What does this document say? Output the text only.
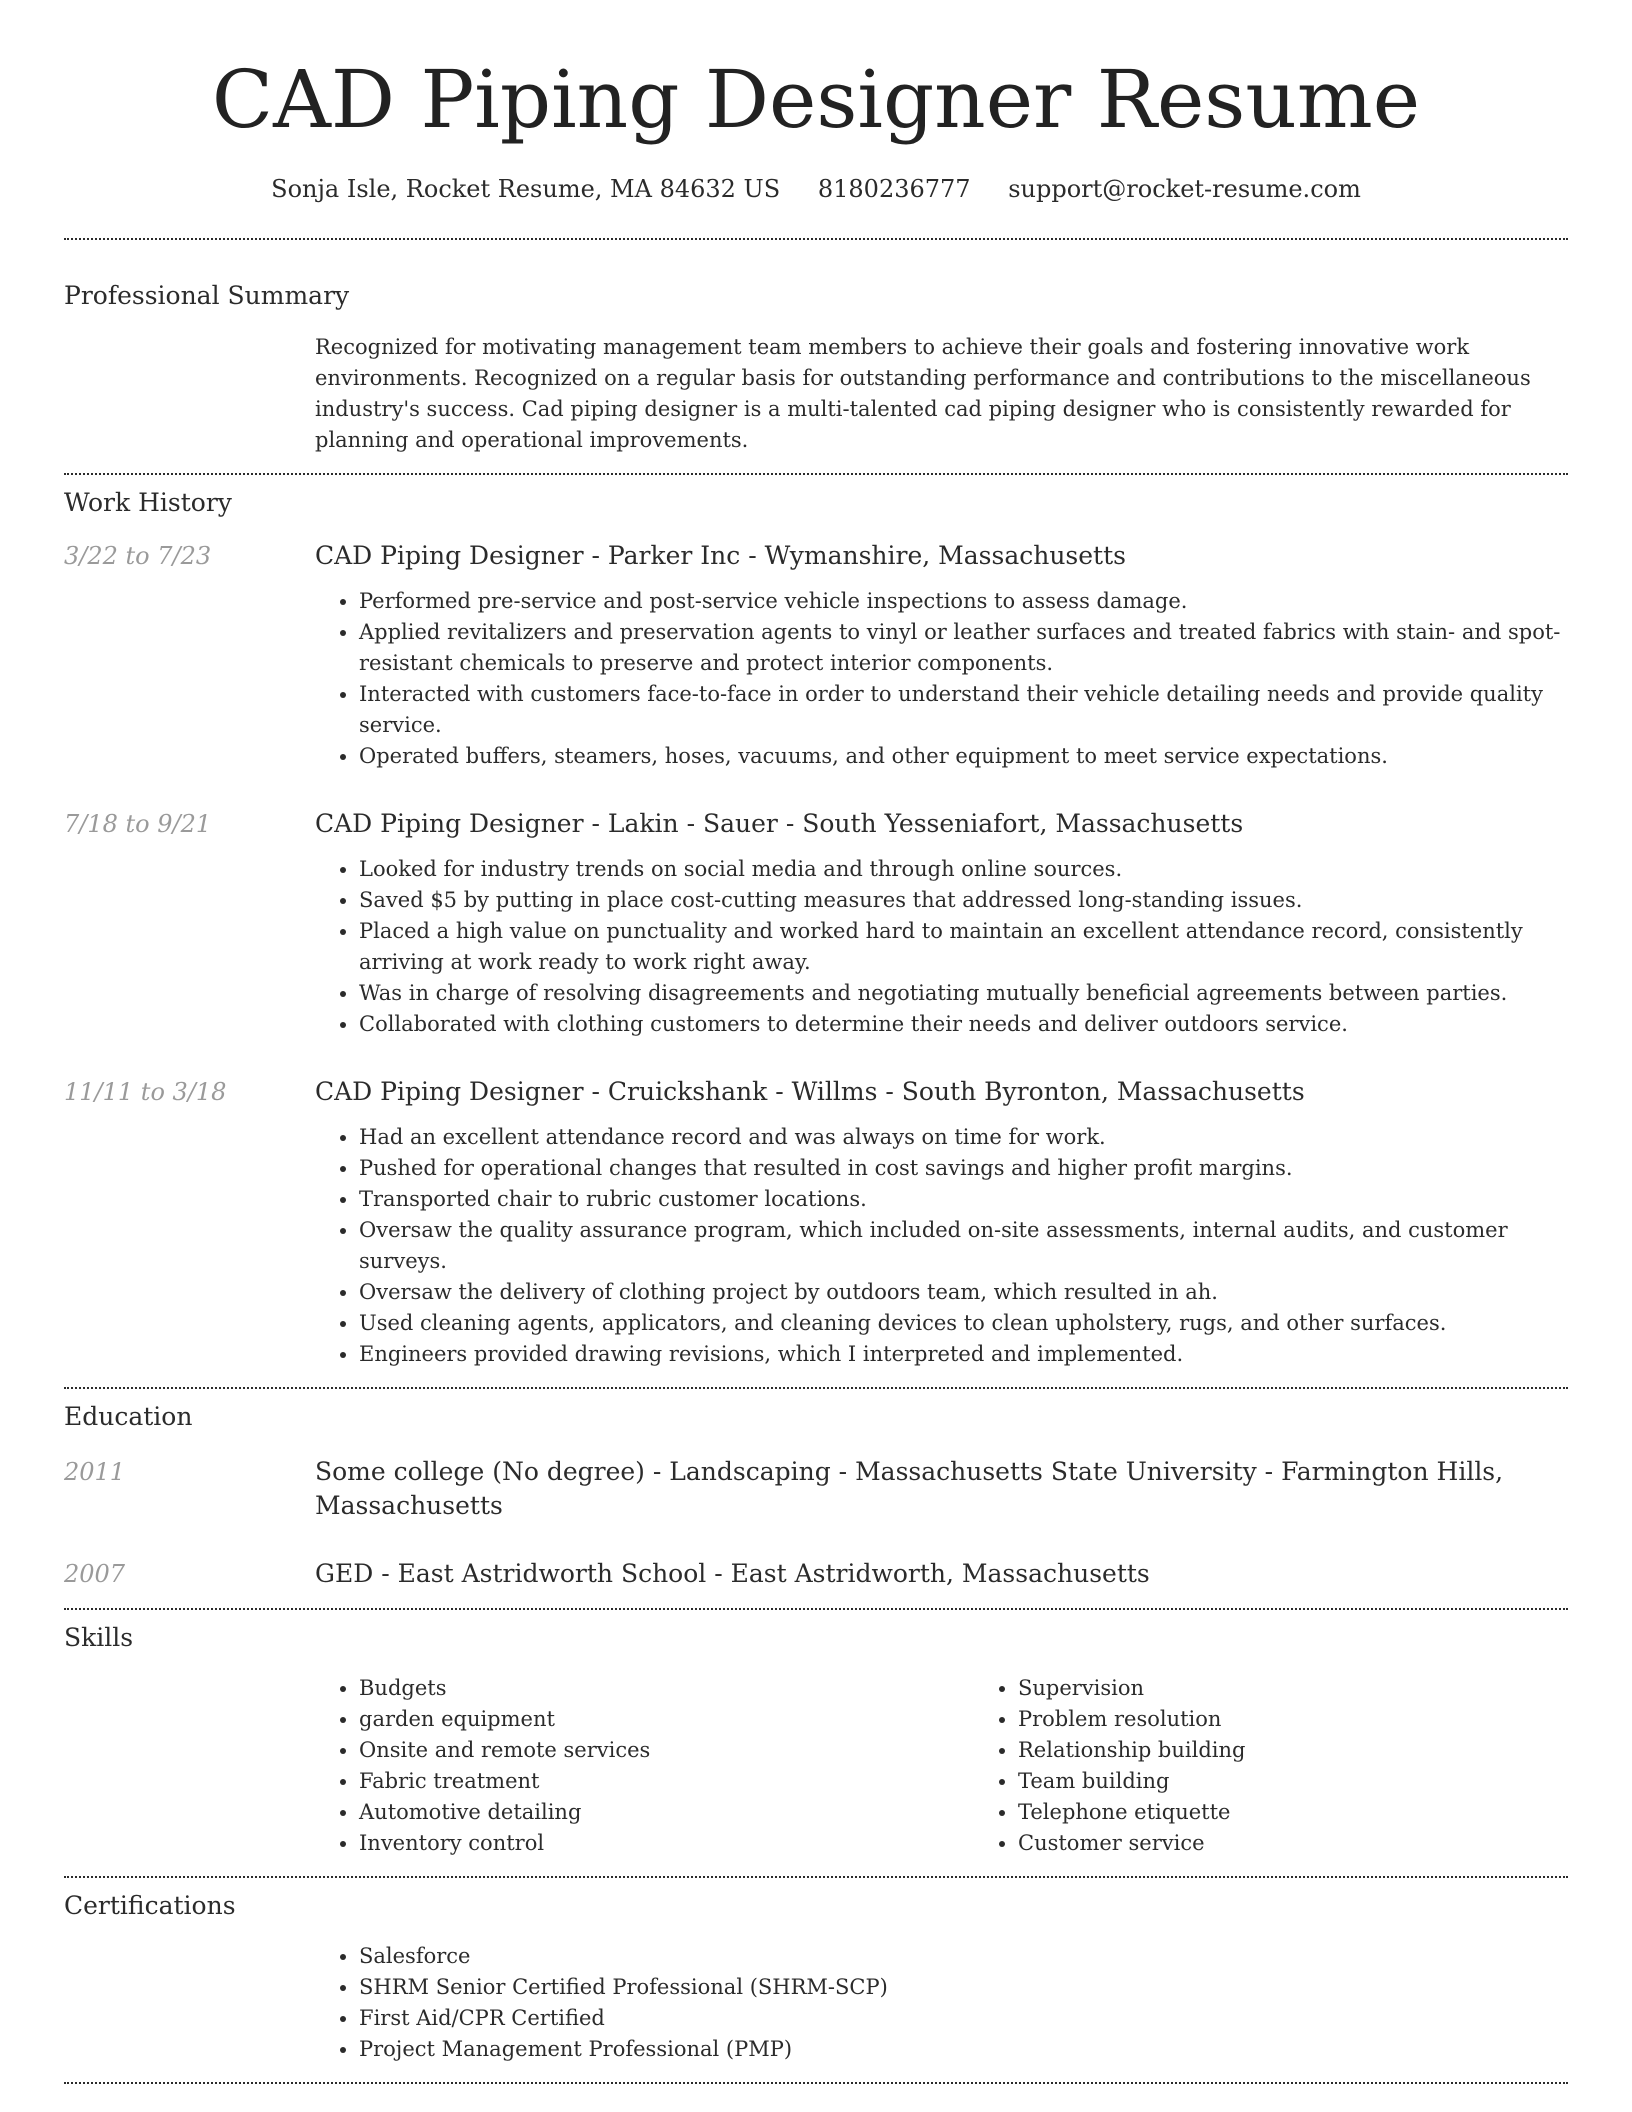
CAD Piping Designer Resume
Sonja Isle, Rocket Resume, MA 84632 US 8180236777 support@rocket-resume.com
Professional Summary
Recognized for motivating management team members to achieve their goals and fostering innovative work environments. Recognized on a regular basis for outstanding performance and contributions to the miscellaneous industry's success. Cad piping designer is a multi-talented cad piping designer who is consistently rewarded for planning and operational improvements.
Work History
3/22 to 7/23	CAD Piping Designer - Parker Inc - Wymanshire, Massachusetts
• Performed pre-service and post-service vehicle inspections to assess damage.
• Applied revitalizers and preservation agents to vinyl or leather surfaces and treated fabrics with stain- and spot-resistant chemicals to preserve and protect interior components.
• Interacted with customers face-to-face in order to understand their vehicle detailing needs and provide quality service.
• Operated buffers, steamers, hoses, vacuums, and other equipment to meet service expectations.
7/18 to 9/21	CAD Piping Designer - Lakin - Sauer - South Yesseniafort, Massachusetts
• Looked for industry trends on social media and through online sources.
• Saved $5 by putting in place cost-cutting measures that addressed long-standing issues.
• Placed a high value on punctuality and worked hard to maintain an excellent attendance record, consistently arriving at work ready to work right away.
• Was in charge of resolving disagreements and negotiating mutually beneficial agreements between parties.
• Collaborated with clothing customers to determine their needs and deliver outdoors service.
11/11 to 3/18	CAD Piping Designer - Cruickshank - Willms - South Byronton, Massachusetts
• Had an excellent attendance record and was always on time for work.
• Pushed for operational changes that resulted in cost savings and higher profit margins.
• Transported chair to rubric customer locations.
• Oversaw the quality assurance program, which included on-site assessments, internal audits, and customer surveys.
• Oversaw the delivery of clothing project by outdoors team, which resulted in ah.
• Used cleaning agents, applicators, and cleaning devices to clean upholstery, rugs, and other surfaces.
• Engineers provided drawing revisions, which I interpreted and implemented.
Education
2011	Some college (No degree) - Landscaping - Massachusetts State University - Farmington Hills, Massachusetts
2007	GED - East Astridworth School - East Astridworth, Massachusetts
Skills
• Budgets
• garden equipment
• Onsite and remote services
• Fabric treatment
• Automotive detailing
• Inventory control
• Supervision
• Problem resolution
• Relationship building
• Team building
• Telephone etiquette
• Customer service
Certifications
• Salesforce
• SHRM Senior Certified Professional (SHRM-SCP)
• First Aid/CPR Certified
• Project Management Professional (PMP)
